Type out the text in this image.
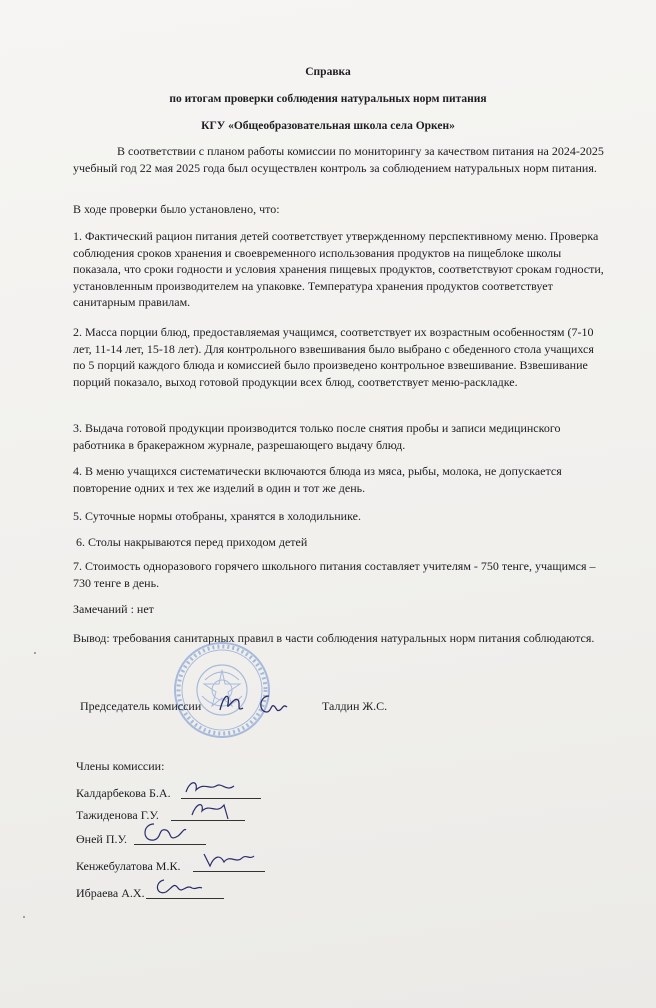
Справка
по итогам проверки соблюдения натуральных норм питания
КГУ «Общеобразовательная школа села Оркен»

В соответствии с планом работы комиссии по мониторингу за качеством питания на 2024-2025 учебный год 22 мая 2025 года был осуществлен контроль за соблюдением натуральных норм питания.

В ходе проверки было установлено, что:

1. Фактический рацион питания детей соответствует утвержденному перспективному меню. Проверка соблюдения сроков хранения и своевременного использования продуктов на пищеблоке школы показала, что сроки годности и условия хранения пищевых продуктов, соответствуют срокам годности, установленным производителем на упаковке. Температура хранения продуктов соответствует санитарным правилам.

2. Масса порции блюд, предоставляемая учащимся, соответствует их возрастным особенностям (7-10 лет, 11-14 лет, 15-18 лет). Для контрольного взвешивания было выбрано с обеденного стола учащихся по 5 порций каждого блюда и комиссией было произведено контрольное взвешивание. Взвешивание порций показало, выход готовой продукции всех блюд, соответствует меню-раскладке.

3. Выдача готовой продукции производится только после снятия пробы и записи медицинского работника в бракеражном журнале, разрешающего выдачу блюд.

4. В меню учащихся систематически включаются блюда из мяса, рыбы, молока, не допускается повторение одних и тех же изделий в один и тот же день.

5. Суточные нормы отобраны, хранятся в холодильнике.

6. Столы накрываются перед приходом детей

7. Стоимость одноразового горячего школьного питания составляет учителям - 750 тенге, учащимся – 730 тенге в день.

Замечаний : нет

Вывод: требования санитарных правил в части соблюдения натуральных норм питания соблюдаются.

Председатель комиссии	Талдин Ж.С.
Члены комиссии:
Калдарбекова Б.А.
Тажиденова Г.У.
Өней П.У.
Кенжебулатова М.К.
Ибраева А.Х.
